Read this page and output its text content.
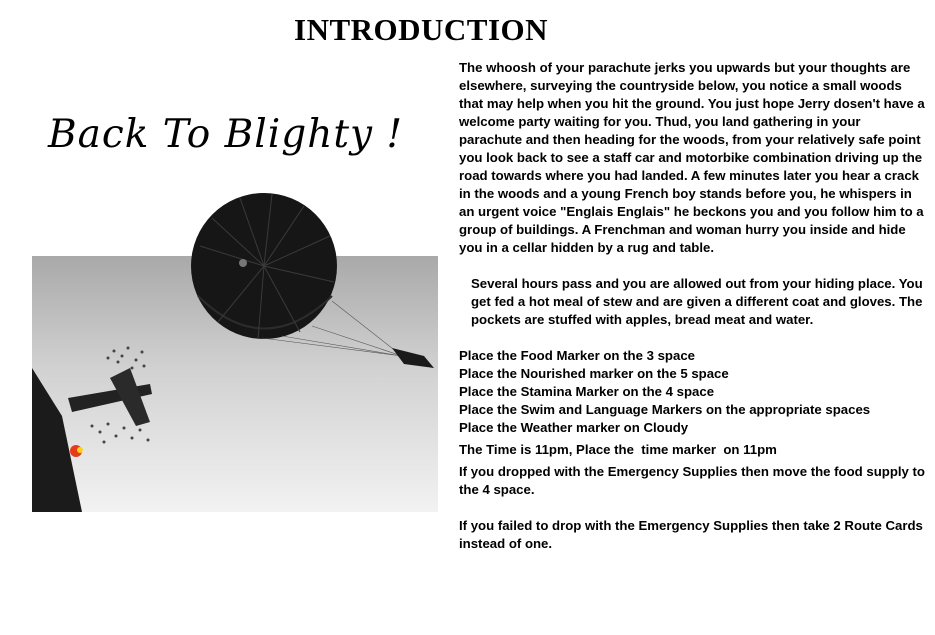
INTRODUCTION
Back To Blighty !

The whoosh of your parachute jerks you upwards but your thoughts are elsewhere, surveying the countryside below, you notice a small woods that may help when you hit the ground. You just hope Jerry dosen't have a welcome party waiting for you. Thud, you land gathering in your parachute and then heading for the woods, from your relatively safe point you look back to see a staff car and motorbike combination driving up the road towards where you had landed. A few minutes later you hear a crack in the woods and a young French boy stands before you, he whispers in an urgent voice "Englais Englais" he beckons you and you follow him to a group of buildings. A Frenchman and woman hurry you inside and hide you in a cellar hidden by a rug and table.

Several hours pass and you are allowed out from your hiding place. You get fed a hot meal of stew and are given a different coat and gloves. The pockets are stuffed with apples, bread meat and water.

Place the Food Marker on the 3 space

Place the Nourished marker on the 5 space

Place the Stamina Marker on the 4 space

Place the Swim and Language Markers on the appropriate spaces

Place the Weather marker on Cloudy

The Time is 11pm, Place the  time marker  on 11pm

If you dropped with the Emergency Supplies then move the food supply to the 4 space.

If you failed to drop with the Emergency Supplies then take 2 Route Cards instead of one.
